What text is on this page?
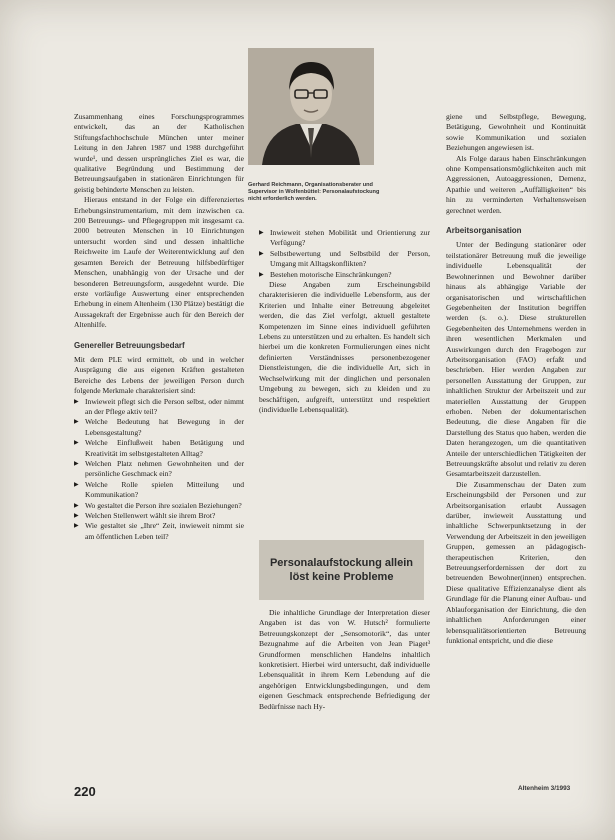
Gerhard Reichmann, Organisationsberater und Supervisor in Wolfenbüttel: Personalaufstockung nicht erforderlich werden.

Zusammenhang eines Forschungsprogrammes entwickelt, das an der Katholischen Stiftungsfachhochschule München unter meiner Leitung in den Jahren 1987 und 1988 durchgeführt wurde¹, und dessen ursprüngliches Ziel es war, die qualitative Begründung und Bestimmung der Betreuungsaufgaben in stationären Einrichtungen für geistig behinderte Menschen zu leisten.

Hieraus entstand in der Folge ein differenziertes Erhebungsinstrumentarium, mit dem inzwischen ca. 200 Betreuungs- und Pflegegruppen mit insgesamt ca. 2000 betreuten Menschen in 10 Einrichtungen untersucht worden sind und dessen inhaltliche Reichweite im Laufe der Weiterentwicklung auf den gesamten Bereich der Betreuung hilfsbedürftiger Menschen, unabhängig von der Ursache und der besonderen Betreuungsform, ausgedehnt wurde. Die erste vorläufige Auswertung einer entsprechenden Erhebung in einem Altenheim (130 Plätze) bestätigt die Aussagekraft der Ergebnisse auch für den Bereich der Altenhilfe.

Genereller Betreuungsbedarf

Mit dem PLE wird ermittelt, ob und in welcher Ausprägung die aus eigenen Kräften gestalteten Bereiche des Lebens der jeweiligen Person durch folgende Merkmale charakterisiert sind:

▶ Inwieweit pflegt sich die Person selbst, oder nimmt an der Pflege aktiv teil?
▶ Welche Bedeutung hat Bewegung in der Lebensgestaltung?
▶ Welche Einflußweit haben Betätigung und Kreativität im selbstgestalteten Alltag?
▶ Welchen Platz nehmen Gewohnheiten und der persönliche Geschmack ein?
▶ Welche Rolle spielen Mitteilung und Kommunikation?
▶ Wo gestaltet die Person ihre sozialen Beziehungen?
▶ Welchen Stellenwert wählt sie ihrem Brot?
▶ Wie gestaltet sie „Ihre“ Zeit, inwieweit nimmt sie am öffentlichen Leben teil?
▶ Inwieweit stehen Mobilität und Orientierung zur Verfügung?
▶ Selbstbewertung und Selbstbild der Person, Umgang mit Alltagskonflikten?
▶ Bestehen motorische Einschränkungen?

Diese Angaben zum Erscheinungsbild charakterisieren die individuelle Lebensform, aus der Kriterien und Inhalte einer Betreuung abgeleitet werden, die das Ziel verfolgt, aktuell gestaltete Kompetenzen im Sinne eines individuell geführten Lebens zu unterstützen und zu erhalten. Es handelt sich hierbei um die konkreten Formulierungen eines nicht definierten Verständnisses personenbezogener Dienstleistungen, die die individuelle Art, sich in Wechselwirkung mit der dinglichen und personalen Umgebung zu bewegen, sich zu kleiden und zu beschäftigen, aufgreift, unterstützt und respektiert (individuelle Lebensqualität).

Personalaufstockung allein
löst keine Probleme

Die inhaltliche Grundlage der Interpretation dieser Angaben ist das von W. Hutsch² formulierte Betreuungskonzept der „Sensomotorik“, das unter Bezugnahme auf die Arbeiten von Jean Piaget³ Grundformen menschlichen Handelns inhaltlich konkretisiert. Hierbei wird untersucht, daß individuelle Lebensqualität in ihrem Kern Lebendung auf die angehörigen Entwicklungsbedingungen, und dem eigenen Geschmack entsprechende Befriedigung der Bedürfnisse nach Hy-

giene und Selbstpflege, Bewegung, Betätigung, Gewohnheit und Kontinuität sowie Kommunikation und sozialen Beziehungen angewiesen ist.

Als Folge daraus haben Einschränkungen ohne Kompensationsmöglichkeiten auch mit Aggressionen, Autoaggressionen, Demenz, Apathie und weiteren „Auffälligkeiten“ bis hin zu verminderten Verhaltensweisen gerechnet werden.

Arbeitsorganisation

Unter der Bedingung stationärer oder teilstationärer Betreuung muß die jeweilige individuelle Lebensqualität der Bewohnerinnen und Bewohner darüber hinaus als abhängige Variable der organisatorischen und wirtschaftlichen Gegebenheiten der Institution begriffen werden (s. o.). Diese strukturellen Gegebenheiten des Unternehmens werden in ihren wesentlichen Merkmalen und Auswirkungen durch den Fragebogen zur Arbeitsorganisation (FAO) erfaßt und beschrieben. Hier werden Angaben zur personellen Ausstattung der Gruppen, zur inhaltlichen Struktur der Arbeitszeit und zur materiellen Ausstattung der Gruppen erhoben. Neben der dokumentarischen Bedeutung, die diese Angaben für die Darstellung des Status quo haben, werden die Daten herangezogen, um die quantitativen Anteile der unterschiedlichen Tätigkeiten der Betreuungskräfte absolut und relativ zu deren Gesamtarbeitszeit darzustellen.

Die Zusammenschau der Daten zum Erscheinungsbild der Personen und zur Arbeitsorganisation erlaubt Aussagen darüber, inwieweit Ausstattung und inhaltliche Schwerpunktsetzung in der Verwendung der Arbeitszeit in den jeweiligen Gruppen, gemessen an pädagogisch-therapeutischen Kriterien, den Betreuungserfordernissen der dort zu betreuenden Bewohner(innen) entsprechen. Diese qualitative Effizienzanalyse dient als Grundlage für die Planung einer Aufbau- und Ablauforganisation der Einrichtung, die den inhaltlichen Anforderungen einer lebensqualitätsorientierten Betreuung funktional entspricht, und die diese

220	Altenheim 3/1993
